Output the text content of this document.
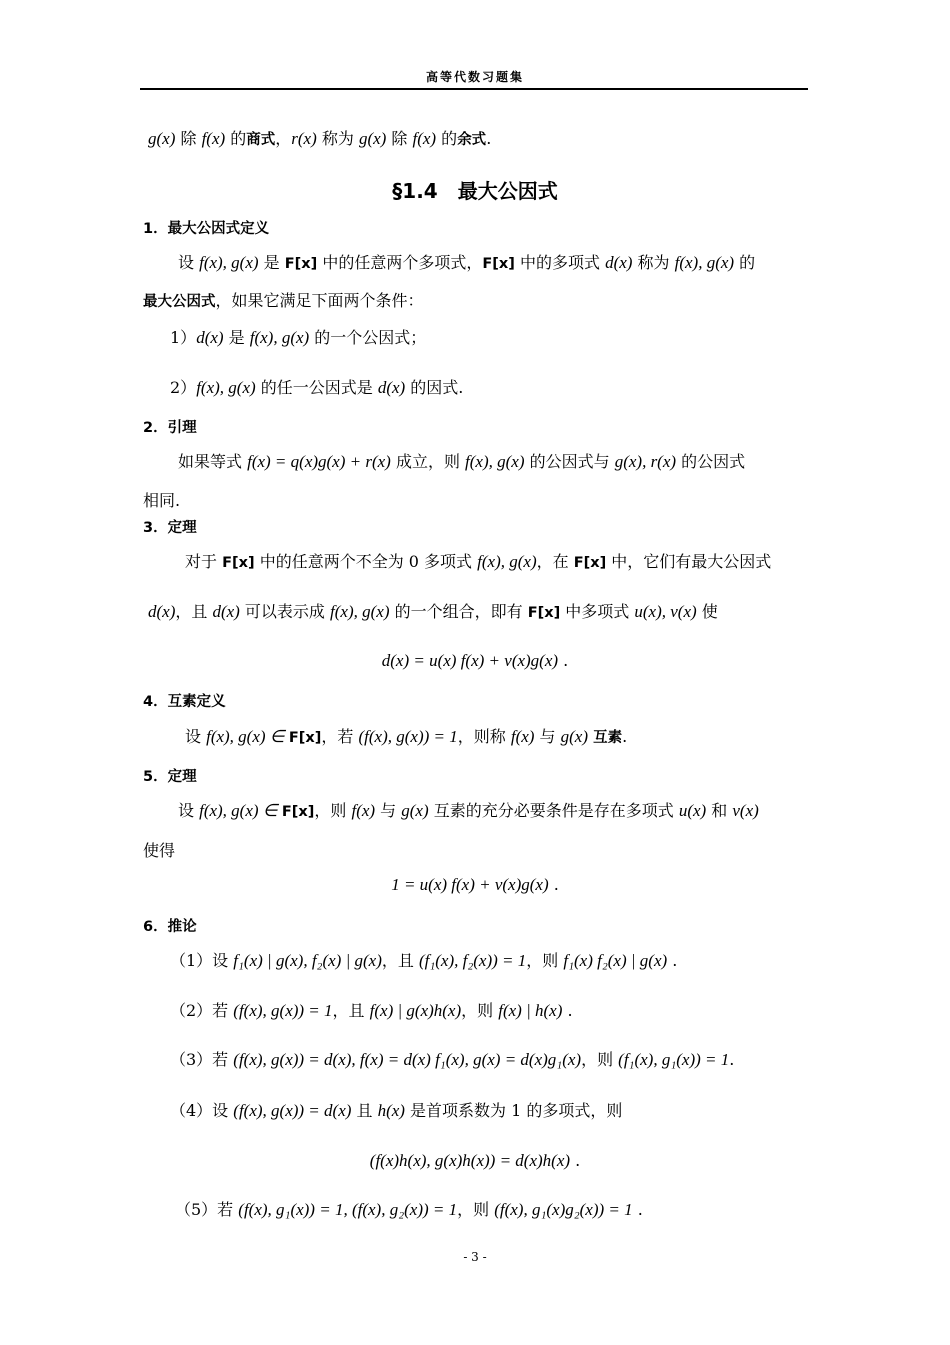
高等代数习题集
g(x) 除 f(x) 的商式，r(x) 称为 g(x) 除 f(x) 的余式.
§1.4　最大公因式
1．最大公因式定义
设 f(x), g(x) 是 F[x] 中的任意两个多项式，F[x] 中的多项式 d(x) 称为 f(x), g(x) 的
最大公因式，如果它满足下面两个条件：
1）d(x) 是 f(x), g(x) 的一个公因式；
2）f(x), g(x) 的任一公因式是 d(x) 的因式.
2．引理
如果等式 f(x) = q(x)g(x) + r(x) 成立，则 f(x), g(x) 的公因式与 g(x), r(x) 的公因式
相同.
3．定理
对于 F[x] 中的任意两个不全为 0 多项式 f(x), g(x)，在 F[x] 中，它们有最大公因式
d(x)，且 d(x) 可以表示成 f(x), g(x) 的一个组合，即有 F[x] 中多项式 u(x), v(x) 使
d(x) = u(x) f(x) + v(x)g(x) .
4．互素定义
设 f(x), g(x) ∈ F[x]，若 (f(x), g(x)) = 1，则称 f(x) 与 g(x) 互素.
5．定理
设 f(x), g(x) ∈ F[x]，则 f(x) 与 g(x) 互素的充分必要条件是存在多项式 u(x) 和 v(x)
使得
1 = u(x) f(x) + v(x)g(x) .
6．推论
（1）设 f₁(x) | g(x), f₂(x) | g(x)，且 (f₁(x), f₂(x)) = 1，则 f₁(x) f₂(x) | g(x) .
（2）若 (f(x), g(x)) = 1，且 f(x) | g(x)h(x)，则 f(x) | h(x) .
（3）若 (f(x), g(x)) = d(x), f(x) = d(x) f₁(x), g(x) = d(x)g₁(x)，则 (f₁(x), g₁(x)) = 1.
（4）设 (f(x), g(x)) = d(x) 且 h(x) 是首项系数为 1 的多项式，则
(f(x)h(x), g(x)h(x)) = d(x)h(x) .
（5）若 (f(x), g₁(x)) = 1, (f(x), g₂(x)) = 1，则 (f(x), g₁(x)g₂(x)) = 1 .
- 3 -
